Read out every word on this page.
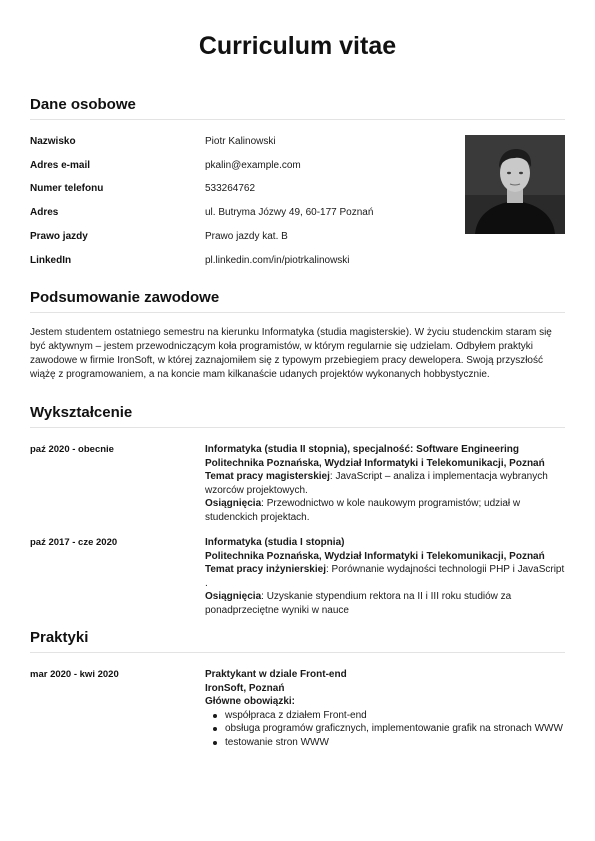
Curriculum vitae
Dane osobowe
Nazwisko	Piotr Kalinowski
Adres e-mail	pkalin@example.com
Numer telefonu	533264762
Adres	ul. Butryma Józwy 49, 60-177 Poznań
Prawo jazdy	Prawo jazdy kat. B
LinkedIn	pl.linkedin.com/in/piotrkalinowski
Podsumowanie zawodowe

Jestem studentem ostatniego semestru na kierunku Informatyka (studia magisterskie). W życiu studenckim staram się być aktywnym – jestem przewodniczącym koła programistów, w którym regularnie się udzielam. Odbyłem praktyki zawodowe w firmie IronSoft, w której zaznajomiłem się z typowym przebiegiem pracy dewelopera. Swoją przyszłość wiążę z programowaniem, a na koncie mam kilkanaście udanych projektów wykonanych hobbystycznie.

Wykształcenie
paź 2020 - obecnie	Informatyka (studia II stopnia), specjalność: Software Engineering
Politechnika Poznańska, Wydział Informatyki i Telekomunikacji, Poznań
Temat pracy magisterskiej: JavaScript – analiza i implementacja wybranych wzorców projektowych.
Osiągnięcia: Przewodnictwo w kole naukowym programistów; udział w studenckich projektach.
paź 2017 - cze 2020	Informatyka (studia I stopnia)
Politechnika Poznańska, Wydział Informatyki i Telekomunikacji, Poznań
Temat pracy inżynierskiej: Porównanie wydajności technologii PHP i JavaScript .
Osiągnięcia: Uzyskanie stypendium rektora na II i III roku studiów za ponadprzeciętne wyniki w nauce
Praktyki
mar 2020 - kwi 2020	Praktykant w dziale Front-end
IronSoft, Poznań
Główne obowiązki:
współpraca z działem Front-end
obsługa programów graficznych, implementowanie grafik na stronach WWW
testowanie stron WWW
